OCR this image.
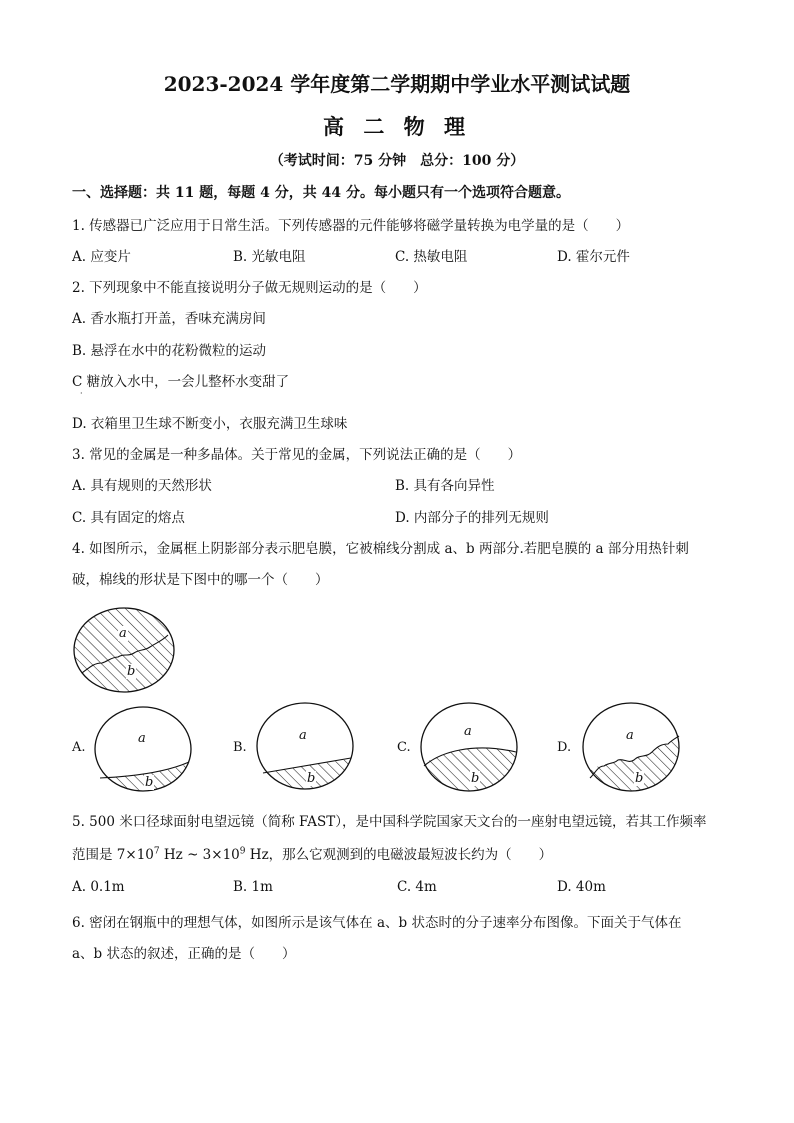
2023-2024 学年度第二学期期中学业水平测试试题
高 二 物 理
（考试时间：75 分钟　总分：100 分）
一、选择题：共 11 题，每题 4 分，共 44 分。每小题只有一个选项符合题意。
1. 传感器已广泛应用于日常生活。下列传感器的元件能够将磁学量转换为电学量的是（　　）
A. 应变片	B. 光敏电阻	C. 热敏电阻	D. 霍尔元件
2. 下列现象中不能直接说明分子做无规则运动的是（　　）
A. 香水瓶打开盖，香味充满房间
B. 悬浮在水中的花粉微粒的运动
C 糖放入水中，一会儿整杯水变甜了
·
D. 衣箱里卫生球不断变小，衣服充满卫生球味
3. 常见的金属是一种多晶体。关于常见的金属，下列说法正确的是（　　）
A. 具有规则的天然形状	B. 具有各向异性
C. 具有固定的熔点	D. 内部分子的排列无规则
4. 如图所示，金属框上阴影部分表示肥皂膜，它被棉线分割成 a、b 两部分.若肥皂膜的 a 部分用热针刺
破，棉线的形状是下图中的哪一个（　　）
a
b
A.
a
b
B.
a
b
C.
a
b
D.
a
b
5. 500 米口径球面射电望远镜（简称 FAST），是中国科学院国家天文台的一座射电望远镜，若其工作频率
范围是 $7\times 10^7$ Hz ~ $3\times 10^9$ Hz，那么它观测到的电磁波最短波长约为（　　）
A. 0.1m	B. 1m	C. 4m	D. 40m
6. 密闭在钢瓶中的理想气体，如图所示是该气体在 a、b 状态时的分子速率分布图像。下面关于气体在
a、b 状态的叙述，正确的是（　　）
